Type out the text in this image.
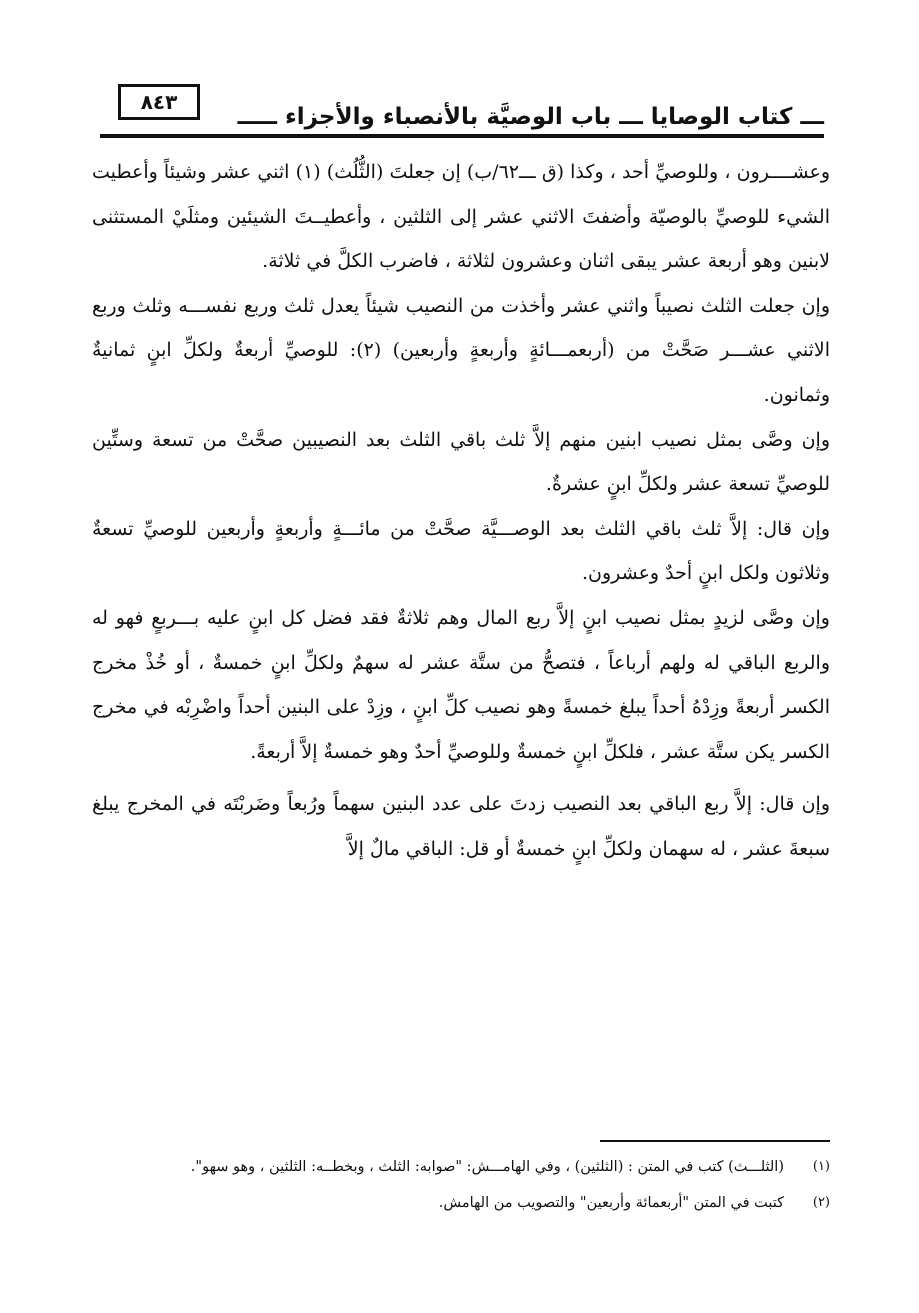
٨٤٣
ـــ كتاب الوصايا ـــ باب الوصيَّة بالأنصباء والأجزاء ـــــ

وعشــــرون ، وللوصيِّ أحد ، وكذا (ق ـــ٦٢/ب) إن جعلتَ (الثُّلُث) (١) اثني عشر وشيئاً وأعطيت الشيء للوصيِّ بالوصيّة وأضفتَ الاثني عشر إلى الثلثين ، وأعطيــتَ الشيئين ومثلَيْ المستثنى لابنين وهو أربعة عشر يبقى اثنان وعشرون لثلاثة ، فاضرب الكلَّ في ثلاثة.

وإن جعلت الثلث نصيباً واثني عشر وأخذت من النصيب شيئاً يعدل ثلث وربع نفســـه وثلث وربع الاثني عشـــر صَحَّتْ من (أربعمـــائةٍ وأربعةٍ وأربعين) (٢): للوصيِّ أربعةٌ ولكلِّ ابنٍ ثمانيةٌ وثمانون.

وإن وصَّى بمثل نصيب ابنين منهم إلاَّ ثلث باقي الثلث بعد النصيبين صحَّتْ من تسعة وستِّين للوصيِّ تسعة عشر ولكلِّ ابنٍ عشرةٌ.

وإن قال: إلاَّ ثلث باقي الثلث بعد الوصـــيَّة صحَّتْ من مائـــةٍ وأربعةٍ وأربعين للوصيِّ تسعةٌ وثلاثون ولكل ابنٍ أحدٌ وعشرون.

وإن وصَّى لزيدٍ بمثل نصيب ابنٍ إلاَّ ربع المال وهم ثلاثةٌ فقد فضل كل ابنٍ عليه بـــربعٍ فهو له والربع الباقي له ولهم أرباعاً ، فتصحُّ من ستَّة عشر له سهمٌ ولكلِّ ابنٍ خمسةٌ ، أو خُذْ مخرج الكسر أربعةً وزِدْهُ أحداً يبلغ خمسةً وهو نصيب كلِّ ابنٍ ، وزِدْ على البنين أحداً واضْرِبْه في مخرج الكسر يكن ستَّة عشر ، فلكلِّ ابنٍ خمسةٌ وللوصيِّ أحدٌ وهو خمسةٌ إلاَّ أربعةً.

وإن قال: إلاَّ ربع الباقي بعد النصيب زدتَ على عدد البنين سهماً ورُبعاً وضَربْتَه في المخرج يبلغ سبعةَ عشر ، له سهمان ولكلِّ ابنٍ خمسةٌ أو قل: الباقي مالٌ إلاَّ

(١)
(الثلـــث) كتب في المتن : (الثلثين) ، وفي الهامـــش: "صوابه: الثلث ، وبخطــه: الثلثين ، وهو سهو".
(٢)
كتبت في المتن "أربعمائة وأربعين" والتصويب من الهامش.
